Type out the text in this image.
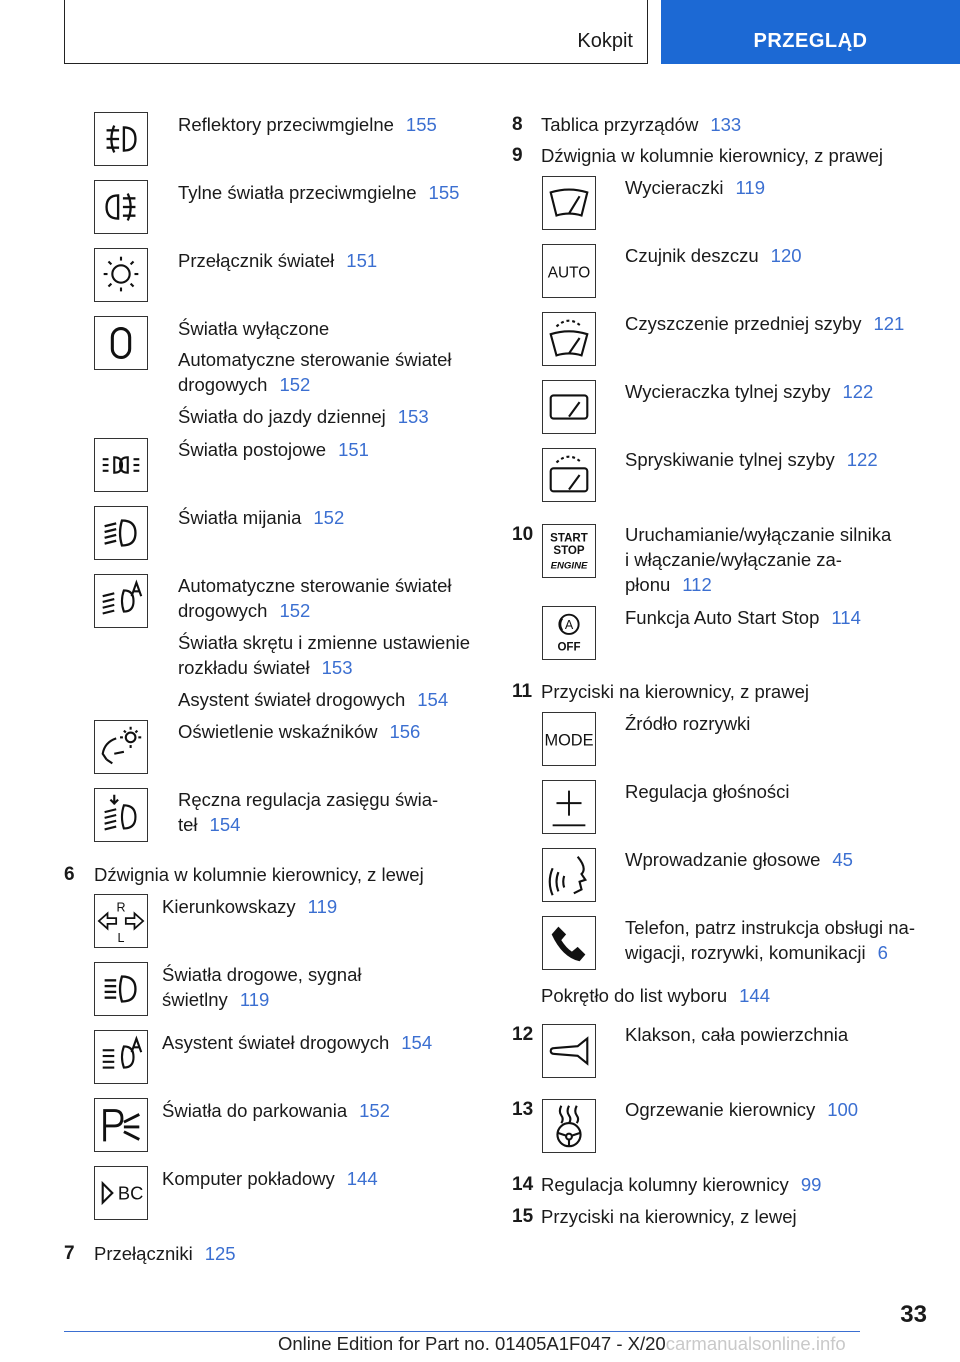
Kokpit	PRZEGLĄD
Reflektory przeciwmgielne 155
Tylne światła przeciwmgielne 155
Przełącznik świateł 151
Światła wyłączone
Automatyczne sterowanie świateł
drogowych 152
Światła do jazdy dziennej 153
Światła postojowe 151
Światła mijania 152
Automatyczne sterowanie świateł
drogowych 152
Światła skrętu i zmienne ustawienie
rozkładu świateł 153
Asystent świateł drogowych 154
Oświetlenie wskaźników 156
Ręczna regulacja zasięgu świa-
teł 154
6 Dźwignia w kolumnie kierownicy, z lewej
R
L
Kierunkowskazy 119
Światła drogowe, sygnał
świetlny 119
Asystent świateł drogowych 154
Światła do parkowania 152
BC
Komputer pokładowy 144
7 Przełączniki 125
8 Tablica przyrządów 133
9 Dźwignia w kolumnie kierownicy, z prawej
Wycieraczki 119
AUTO
Czujnik deszczu 120
Czyszczenie przedniej szyby 121
Wycieraczka tylnej szyby 122
Spryskiwanie tylnej szyby 122
10 START
STOP
ENGINE
Uruchamianie/wyłączanie silnika
i włączanie/wyłączanie za-
płonu 112
A
OFF
Funkcja Auto Start Stop 114
11 Przyciski na kierownicy, z prawej
MODE
Źródło rozrywki
Regulacja głośności
Wprowadzanie głosowe 45
Telefon, patrz instrukcja obsługi na-
wigacji, rozrywki, komunikacji 6
Pokrętło do list wyboru 144
12	Klakson, cała powierzchnia
13	Ogrzewanie kierownicy 100
14 Regulacja kolumny kierownicy 99
15 Przyciski na kierownicy, z lewej
33
Online Edition for Part no. 01405A1F047 - X/20carmanualsonline.info
